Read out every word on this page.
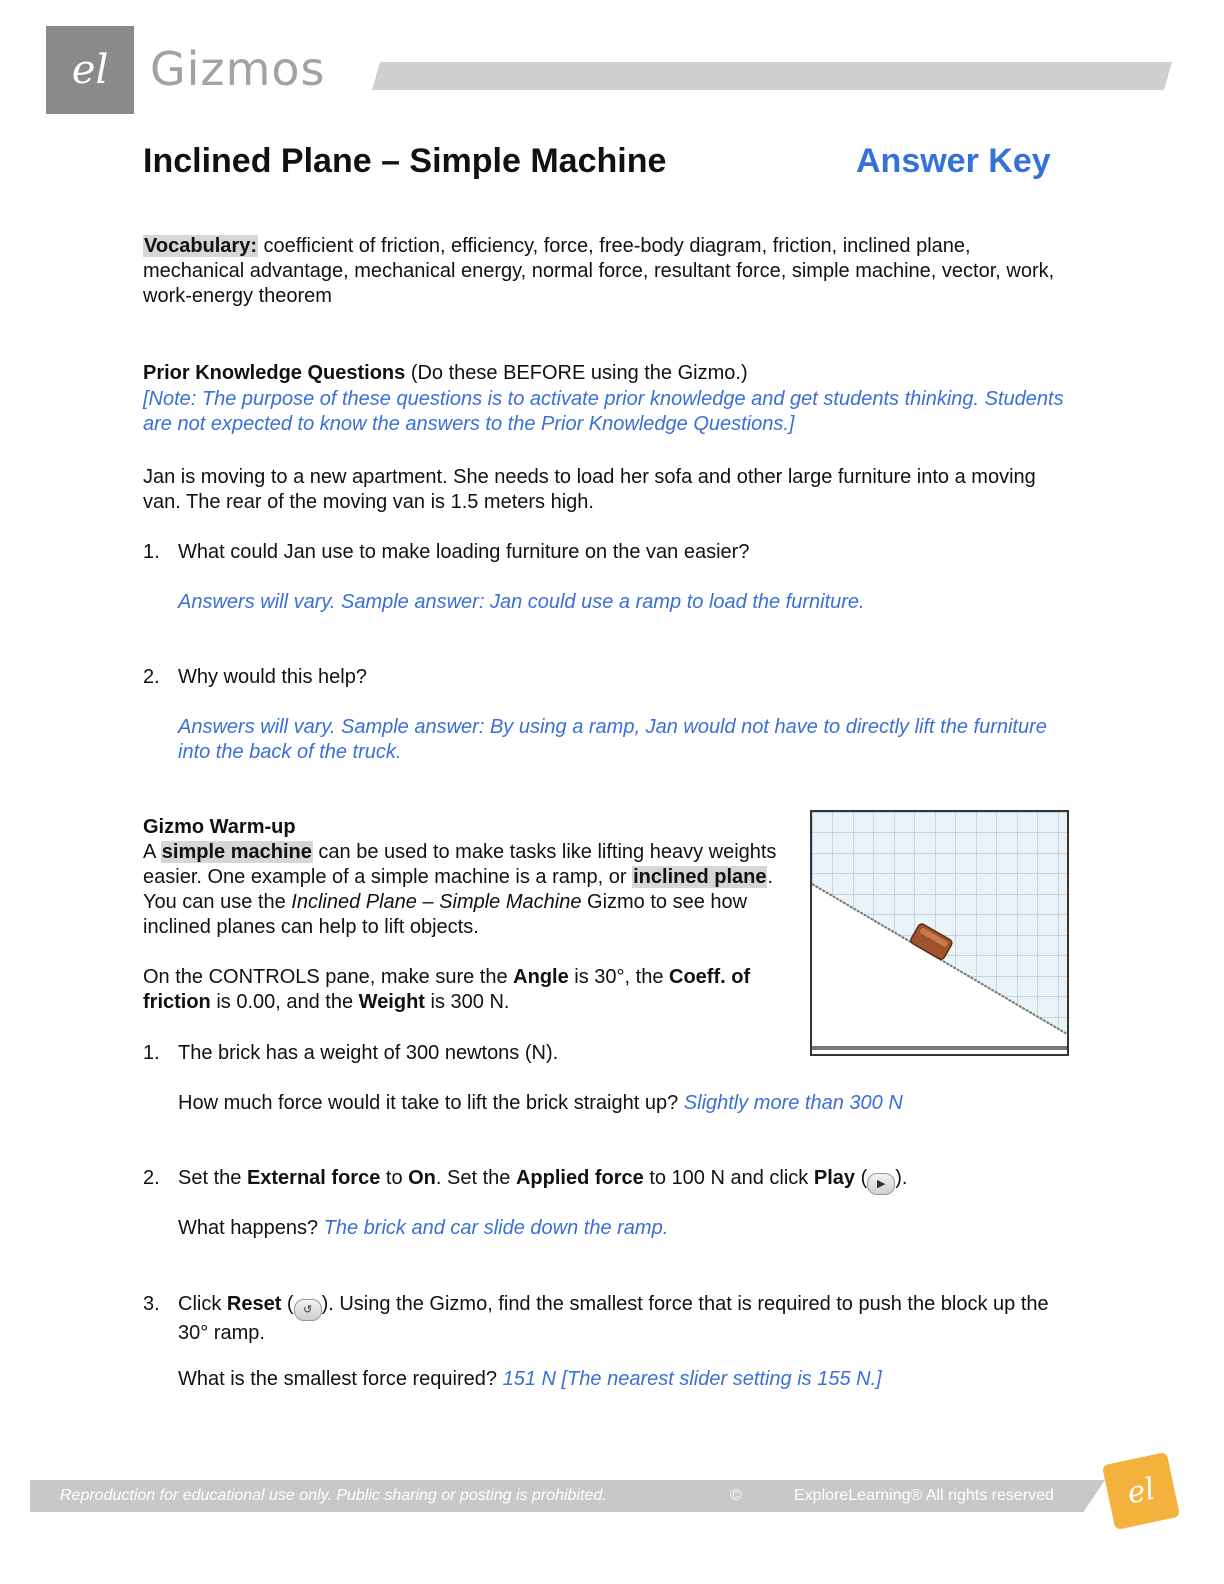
el Gizmos
Inclined Plane – Simple Machine	Answer Key
Vocabulary: coefficient of friction, efficiency, force, free-body diagram, friction, inclined plane, mechanical advantage, mechanical energy, normal force, resultant force, simple machine, vector, work, work-energy theorem
Prior Knowledge Questions (Do these BEFORE using the Gizmo.)
[Note: The purpose of these questions is to activate prior knowledge and get students thinking. Students are not expected to know the answers to the Prior Knowledge Questions.]
Jan is moving to a new apartment. She needs to load her sofa and other large furniture into a moving van. The rear of the moving van is 1.5 meters high.
1. What could Jan use to make loading furniture on the van easier?
Answers will vary. Sample answer: Jan could use a ramp to load the furniture.
2. Why would this help?
Answers will vary. Sample answer: By using a ramp, Jan would not have to directly lift the furniture into the back of the truck.
Gizmo Warm-up
A simple machine can be used to make tasks like lifting heavy weights easier. One example of a simple machine is a ramp, or inclined plane. You can use the Inclined Plane – Simple Machine Gizmo to see how inclined planes can help to lift objects.
On the CONTROLS pane, make sure the Angle is 30°, the Coeff. of friction is 0.00, and the Weight is 300 N.
1. The brick has a weight of 300 newtons (N).
How much force would it take to lift the brick straight up? Slightly more than 300 N
2. Set the External force to On. Set the Applied force to 100 N and click Play ( ▶ ).
What happens? The brick and car slide down the ramp.
3. Click Reset ( ↺ ). Using the Gizmo, find the smallest force that is required to push the block up the 30° ramp.
What is the smallest force required? 151 N [The nearest slider setting is 155 N.]
Reproduction for educational use only. Public sharing or posting is prohibited.	©	ExploreLearning® All rights reserved el
